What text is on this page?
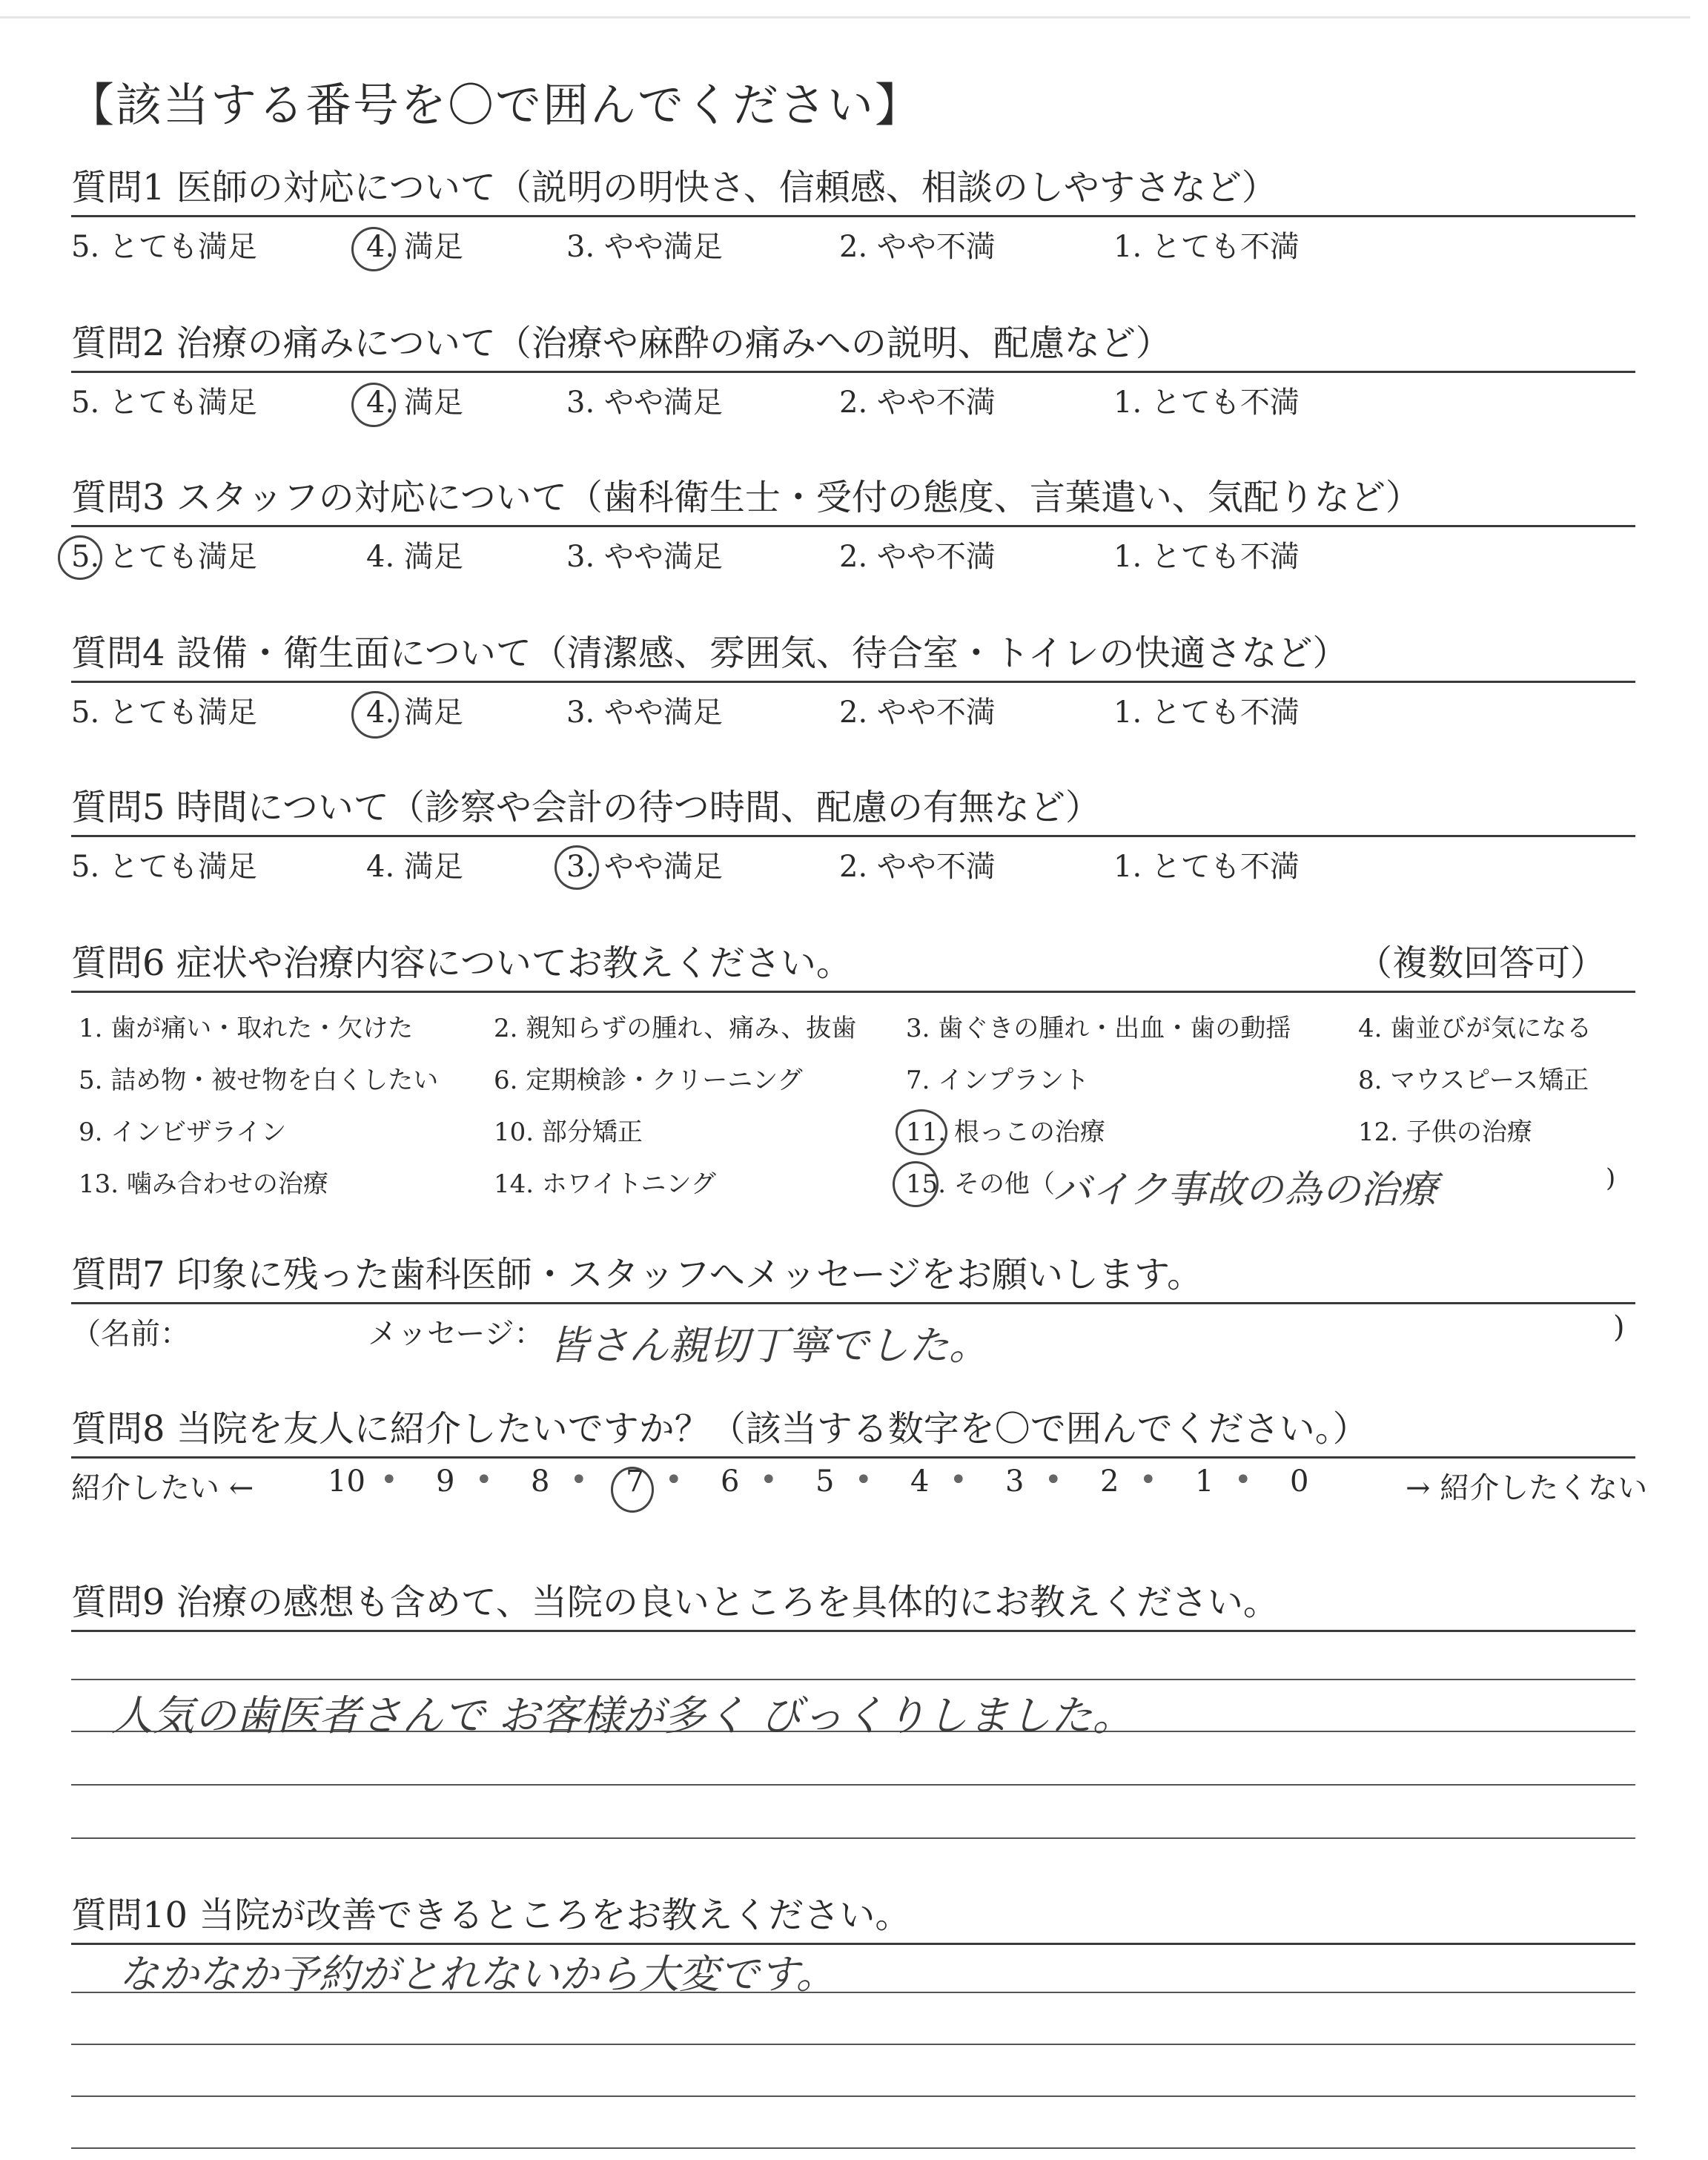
【該当する番号を〇で囲んでください】
質問1 医師の対応について（説明の明快さ、信頼感、相談のしやすさなど）
5. とても満足	4. 満足	3. やや満足	2. やや不満	1. とても不満
質問2 治療の痛みについて（治療や麻酔の痛みへの説明、配慮など）
5. とても満足	4. 満足	3. やや満足	2. やや不満	1. とても不満
質問3 スタッフの対応について（歯科衛生士・受付の態度、言葉遣い、気配りなど）
5. とても満足	4. 満足	3. やや満足	2. やや不満	1. とても不満
質問4 設備・衛生面について（清潔感、雰囲気、待合室・トイレの快適さなど）
5. とても満足	4. 満足	3. やや満足	2. やや不満	1. とても不満
質問5 時間について（診察や会計の待つ時間、配慮の有無など）
5. とても満足	4. 満足	3. やや満足	2. やや不満	1. とても不満
質問6 症状や治療内容についてお教えください。	（複数回答可）
1. 歯が痛い・取れた・欠けた	2. 親知らずの腫れ、痛み、抜歯 3. 歯ぐきの腫れ・出血・歯の動揺	4. 歯並びが気になる
5. 詰め物・被せ物を白くしたい 6. 定期検診・クリーニング	7. インプラント	8. マウスピース矯正
9. インビザライン	10. 部分矯正	11. 根っこの治療	12. 子供の治療
13. 噛み合わせの治療	14. ホワイトニング	15. その他（	)
バイク事故の為の治療
質問7 印象に残った歯科医師・スタッフへメッセージをお願いします。
（名前：	メッセージ：	)
皆さん親切丁寧でした。
質問8 当院を友人に紹介したいですか？（該当する数字を〇で囲んでください。）
紹介したい ← 10 9	8	7	6	5	4	3	2	1	0	→ 紹介したくない
•	•	•	•	•	•	•	•	•	•
質問9 治療の感想も含めて、当院の良いところを具体的にお教えください。
人気の歯医者さんで お客様が多く びっくりしました。
質問10 当院が改善できるところをお教えください。
なかなか予約がとれないから大変です。
